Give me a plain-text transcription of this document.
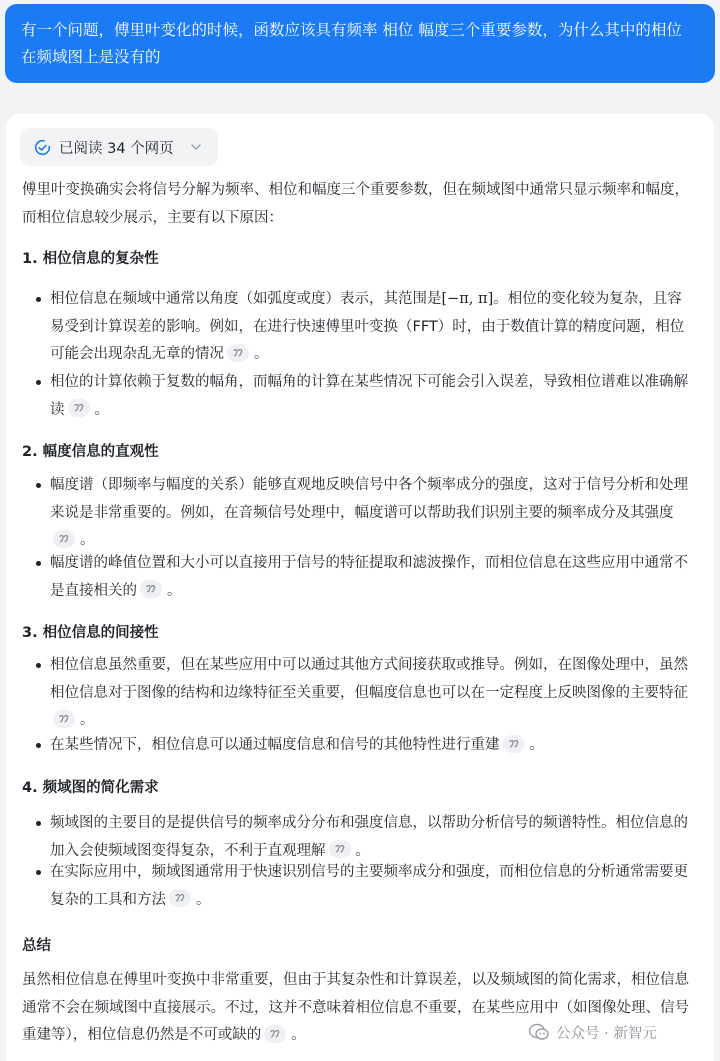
有一个问题，傅里叶变化的时候，函数应该具有频率 相位 幅度三个重要参数，为什么其中的相位在频域图上是没有的
已阅读 34 个网页
傅里叶变换确实会将信号分解为频率、相位和幅度三个重要参数，但在频域图中通常只显示频率和幅度，而相位信息较少展示，主要有以下原因：
1. 相位信息的复杂性
相位信息在频域中通常以角度（如弧度或度）表示，其范围是[−π, π]。相位的变化较为复杂，且容易受到计算误差的影响。例如，在进行快速傅里叶变换（FFT）时，由于数值计算的精度问题，相位可能会出现杂乱无章的情况 。
相位的计算依赖于复数的幅角，而幅角的计算在某些情况下可能会引入误差，导致相位谱难以准确解读 。
2. 幅度信息的直观性
幅度谱（即频率与幅度的关系）能够直观地反映信号中各个频率成分的强度，这对于信号分析和处理来说是非常重要的。例如，在音频信号处理中，幅度谱可以帮助我们识别主要的频率成分及其强度
。
幅度谱的峰值位置和大小可以直接用于信号的特征提取和滤波操作，而相位信息在这些应用中通常不是直接相关的 。
3. 相位信息的间接性
相位信息虽然重要，但在某些应用中可以通过其他方式间接获取或推导。例如，在图像处理中，虽然相位信息对于图像的结构和边缘特征至关重要，但幅度信息也可以在一定程度上反映图像的主要特征
。
在某些情况下，相位信息可以通过幅度信息和信号的其他特性进行重建 。
4. 频域图的简化需求
频域图的主要目的是提供信号的频率成分分布和强度信息，以帮助分析信号的频谱特性。相位信息的加入会使频域图变得复杂，不利于直观理解 。
在实际应用中，频域图通常用于快速识别信号的主要频率成分和强度，而相位信息的分析通常需要更复杂的工具和方法 。
总结
虽然相位信息在傅里叶变换中非常重要，但由于其复杂性和计算误差，以及频域图的简化需求，相位信息通常不会在频域图中直接展示。不过，这并不意味着相位信息不重要，在某些应用中（如图像处理、信号重建等），相位信息仍然是不可或缺的 。	公众号 · 新智元
